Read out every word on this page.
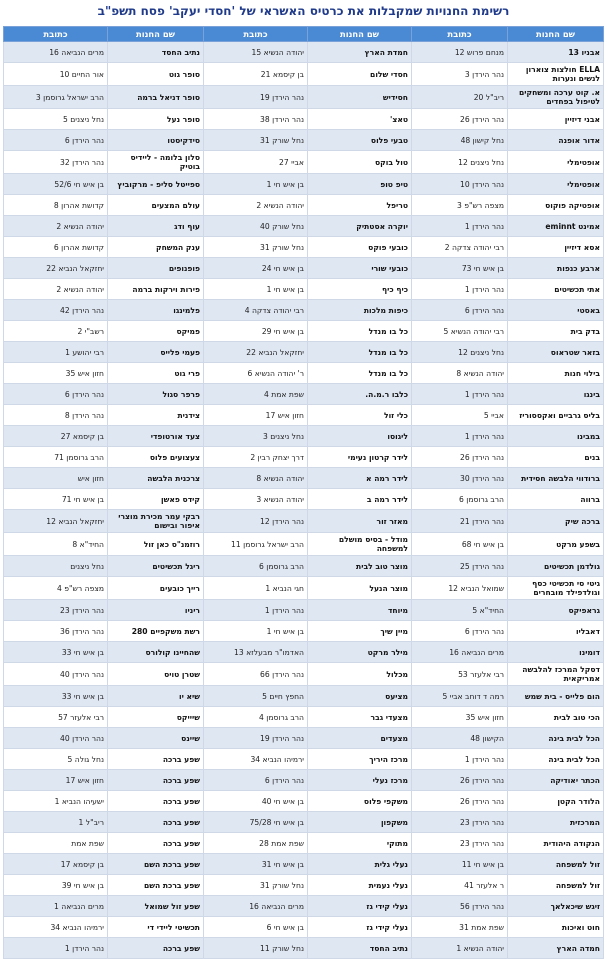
רשימת החנויות שמקבלות את כרטיס האשראי של 'חסדי יעקב' פסח תשפ"ב
שם החנות	כתובת	שם החנות	כתובת	שם החנות	כתובת
אבניו 13	מנחם פרוש 12	חמדת הארץ	יהודה הנשיא 15	נתיב החסד	מרים הנביאה 16
ELLA חולצות צוארון לנשים ונערות	נהר הירדן 3	חסדי שלום	בן קיסמא 21	סופר גוט	אור החיים 10
א. קוט ערכה ומשחקים לטיפול בפחדים	ריב"ל 20	חסידיש	נהר הירדן 19	סופר דניאל ברמה	הרב ישראל גרוסמן 3
אבני דיזיין	נהר הירדן 26	טאצ'	נהר הירדן 38	סופר נעל	נחל ניצנים 5
אדור אופנה	נחל קישון 48	טבעי פלוס	נחל שורק 31	סידקיסטו	נהר הירדן 6
אופטימלי	נחל ניצנים 12	טול בוקס	אביי 27	סלון בלומה - ליידיס בוטיק	נהר הירדן 32
אופטימלי	נהר הירדן 10	טיפ טופ	בן איש חי 1	ספייטל סליפ - מרקוביץ	בן איש חי 52/6
אופטיקה פוקוס	מצפה רש"פ 3	טריפל	יהודה הנשיא 2	עולם המצעים	קדושת אהרון 8
אמינט eminnt	נהר הירדן 1	יוקרה אסטתיק	נחל שורק 40	עוף ודג	יהודה הנשיא 2
אסא דיזיין	רבי יהודה צדקה 2	כובעי פוקס	נחל שורק 31	ענק המשחק	קדושת אהרון 6
ארבע כנפות	בן איש חי 73	כובעי שורי	בן איש חי 24	פופנופים	יחזקאל הנביא 22
אתי תכשיטים	נהר הירדן 1	כיף כיף	בן איש חי 1	פירות וירקות ברמה	יהודה הנשיא 2
באסטי	נהר הירדן 6	כיפות מלכות	רבי יהודה צדקה 4	פלמינגו	נהר הירדן 42
בדק בית	רבי יהודה הנשיא 5	כל בו מנדל	בן איש חי 29	פמיקס	רשב"י 2
בזאר שטראוס	נחל ניצנים 12	כל בו מנדל	יחזקאל הנביא 22	פעמי פלייס	רבי יהושע 1
בילוי חנות	יהודה הנשיא 8	כל בו מנדל	ר' יהודה הנשיא 6	פרי גוט	חזון איש 35
בינגו	נהר הירדן 1	כלבו ר.מ.ה.	שפת אמת 4	פרפר סגול	נהר הירדן 6
בליס גרביים ואקססוריז	אביי 5	כלי זול	חזון איש 17	צידנית	נהר הירדן 8
במבינו	נהר הירדן 1	ליגוסו	נחל ניצנים 3	צעד אורטופדי	בן קיסמא 27
בנים	נהר הירדן 26	לידר קרטון נעימי	דרך יצחק רבין 2	צעצועים פלוס	הרב גרוסמן 71
ברודווי הלבשה חסידית	נהר הירדן 30	לידר רמה א	יהודה הנשיא 8	צרכנית הלבשה	חזון איש
ברווה	הרב גרוסמן 6	לידר רמה ב	יהודה הנשיא 3	קידס פאשן	בן איש חי 71
ברכה שיק	נהר הירדן 21	מאזר זור	נהר הירדן 12	רבקי עמר מכירת מוצרי איפור ובישום	יחזקאל הנביא 12
בשפע מרקט	בן איש חי 68	מודל - בסיס מושלם למשפחה	הרב ישראל גרוסמן 11	רוזמנ"ס כאן זול	החיד"א 8
גולדמן תכשיטים	נהר הירדן 25	מוצר טוב לבית	הרב גרוסמן 6	ריגל תכשיטים	נחל ניצנים
גיטי סי תכשיטי כסף וגולדפילד מובחרים	שמואל הנביא 12	מוצר הנעל	חגי הנביא 1	רייך כובעים	מצפה רש"פ 4
גראפיקס	החיד"א 5	מיוחד	נהר הירדן 1	ריניו	נהר הירדן 23
דאבליו	נהר הירדן 6	מיין שיך	בן איש חי 1	רשת משקפיים 280	נהר הירדן 36
דומינו	מרים הנביאה 16	מילר מרקט	האדמו"ר מבעלזא 13	שהחיינו קולורס	בן איש חי 33
דסקל המרכז להלבשה אמריקאית	רבי אלעזר 53	מכלול	נהר הירדן 66	שטרן טויס	נהר הירדן 40
הום פלייס - בית שמש	רמה ד דוחב אביי 5	מציעס	החפץ חיים 5	שיא יו	בן איש חי 33
הכי טוב לבית	חזון איש 35	מצעדי גבר	הרב גרוסמן 4	שיייקס	רבי אלעזר 57
הכל לבית בינה	הקישון 48	מצעדים	נהר הירדן 19	שיינס	נהר הירדן 40
הכל לבית בינה	נהר הירדן 1	מרכז היריך	ירמיהו הנביא 34	שפע ברכה	נחל גולה 5
הכתר יאודיקה	נהר הירדן 26	מרכז נעלי	נהר הירדן 6	שפע ברכה	חזון איש 17
הלודר הקטן	נהר הירדן 26	משקפי פלוס	בן איש חי 40	שפע ברכה	ישעיהו הנביא 1
המרכזית	נהר הירדן 23	משקפון	בן איש חי 75/28	שפע ברכה	ריב"ל 1
הנקודה היהודית	נהר הירדן 23	מתוקי	שפת אמת 28	שפע ברכה	שפת אמת
זול למשפחה	בן איש חי 11	נעלי גלית	בן איש חי 31	שפע ברכת השם	בן קיסמא 17
זול למשפחה	ר אלעזר 41	נעלי נעמית	נחל שורק 31	שפע ברכת השם	בן איש חי 39
זיגש שיכאלאך	נהר הירדן 56	נעלי קידי גז	מרים הנביאה 16	שפע זול שמואל	מרים הנביאה 1
חוט ואיכות	שפת אמת 31	נעלי קידי גז	בן איש חי 6	תכשיטי ליידי די	ירמיהו הנביא 34
חמדה הארץ	יהודה הנשיא 1	נתיב החסד	נחל שורק 11	שפע ברכה	נהר הירדן 1
